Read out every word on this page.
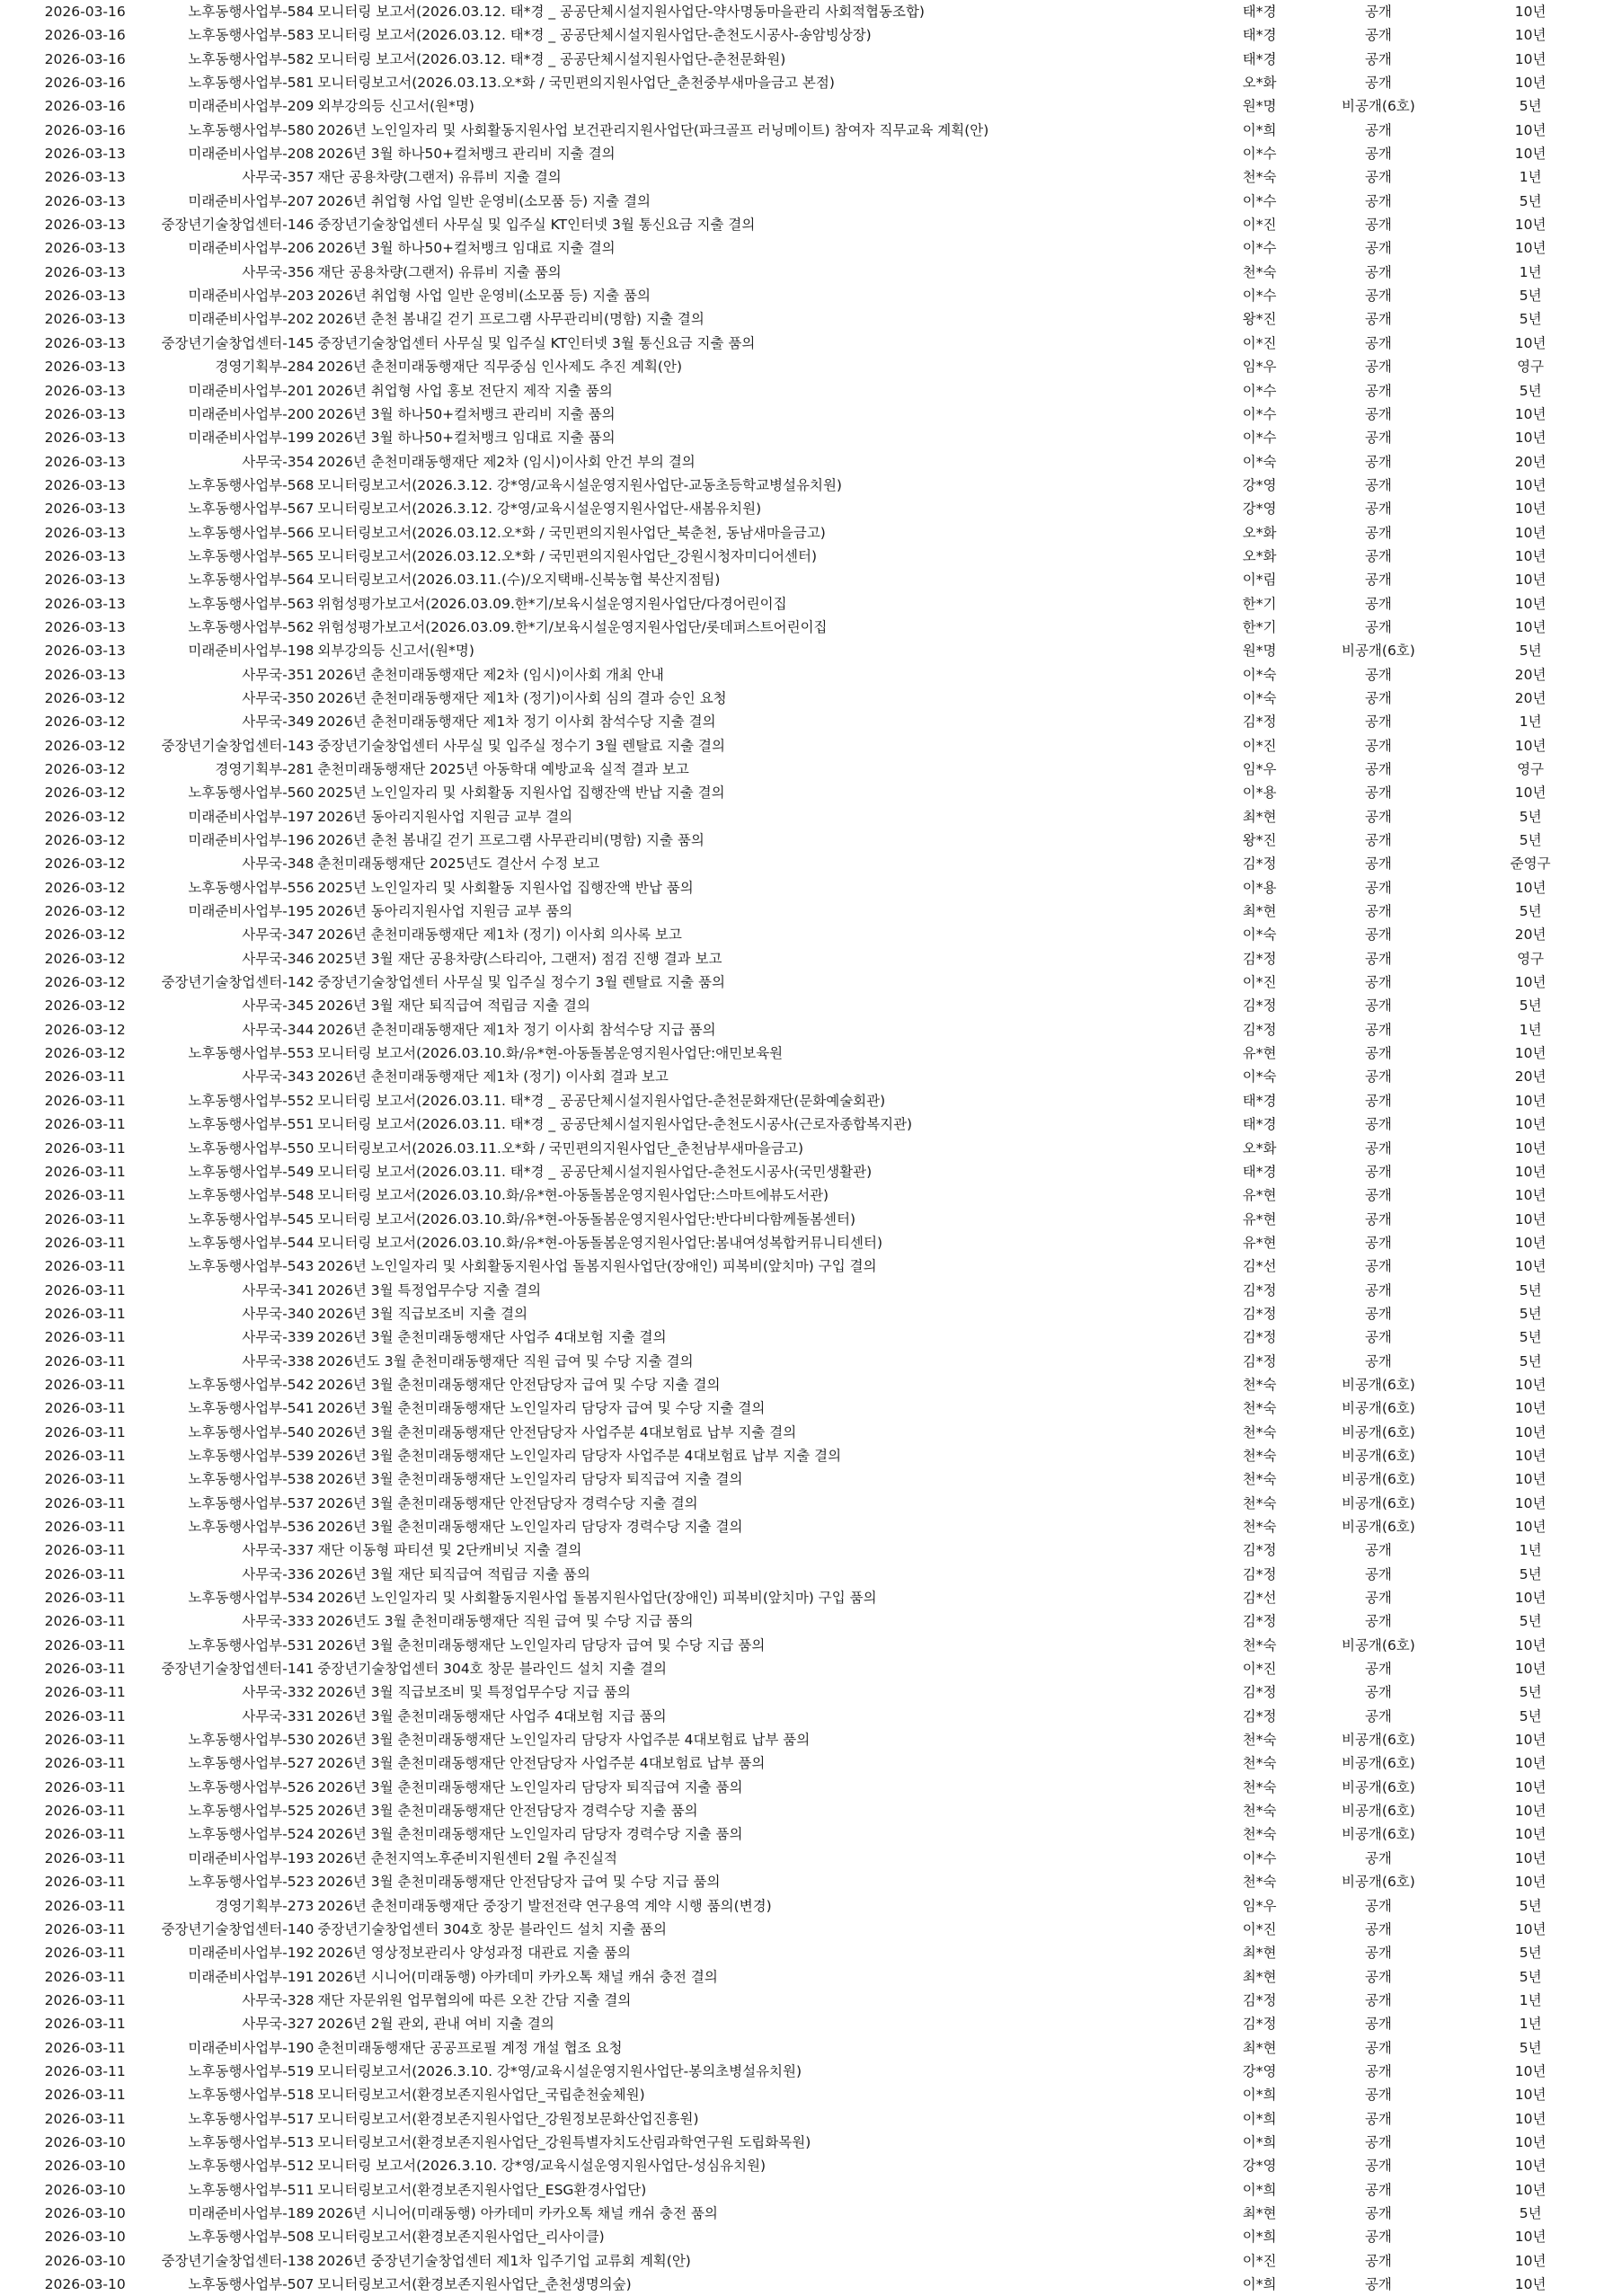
2026-03-16	노후동행사업부-584 모니터링 보고서(2026.03.12. 태*경 _ 공공단체시설지원사업단-약사명동마을관리 사회적협동조합)	태*경	공개	10년
2026-03-16	노후동행사업부-583 모니터링 보고서(2026.03.12. 태*경 _ 공공단체시설지원사업단-춘천도시공사-송암빙상장)	태*경	공개	10년
2026-03-16	노후동행사업부-582 모니터링 보고서(2026.03.12. 태*경 _ 공공단체시설지원사업단-춘천문화원)	태*경	공개	10년
2026-03-16	노후동행사업부-581 모니터링보고서(2026.03.13.오*화 / 국민편의지원사업단_춘천중부새마을금고 본점)	오*화	공개	10년
2026-03-16	미래준비사업부-209 외부강의등 신고서(원*명)	원*명	비공개(6호)	5년
2026-03-16	노후동행사업부-580 2026년 노인일자리 및 사회활동지원사업 보건관리지원사업단(파크골프 러닝메이트) 참여자 직무교육 계획(안)	이*희	공개	10년
2026-03-13	미래준비사업부-208 2026년 3월 하나50+컬처뱅크 관리비 지출 결의	이*수	공개	10년
2026-03-13	사무국-357 재단 공용차량(그랜저) 유류비 지출 결의	천*숙	공개	1년
2026-03-13	미래준비사업부-207 2026년 취업형 사업 일반 운영비(소모품 등) 지출 결의	이*수	공개	5년
2026-03-13	중장년기술창업센터-146 중장년기술창업센터 사무실 및 입주실 KT인터넷 3월 통신요금 지출 결의	이*진	공개	10년
2026-03-13	미래준비사업부-206 2026년 3월 하나50+컬처뱅크 임대료 지출 결의	이*수	공개	10년
2026-03-13	사무국-356 재단 공용차량(그랜저) 유류비 지출 품의	천*숙	공개	1년
2026-03-13	미래준비사업부-203 2026년 취업형 사업 일반 운영비(소모품 등) 지출 품의	이*수	공개	5년
2026-03-13	미래준비사업부-202 2026년 춘천 봄내길 걷기 프로그램 사무관리비(명함) 지출 결의	왕*진	공개	5년
2026-03-13	중장년기술창업센터-145 중장년기술창업센터 사무실 및 입주실 KT인터넷 3월 통신요금 지출 품의	이*진	공개	10년
2026-03-13	경영기획부-284 2026년 춘천미래동행재단 직무중심 인사제도 추진 계획(안)	임*우	공개	영구
2026-03-13	미래준비사업부-201 2026년 취업형 사업 홍보 전단지 제작 지출 품의	이*수	공개	5년
2026-03-13	미래준비사업부-200 2026년 3월 하나50+컬처뱅크 관리비 지출 품의	이*수	공개	10년
2026-03-13	미래준비사업부-199 2026년 3월 하나50+컬처뱅크 임대료 지출 품의	이*수	공개	10년
2026-03-13	사무국-354 2026년 춘천미래동행재단 제2차 (임시)이사회 안건 부의 결의	이*숙	공개	20년
2026-03-13	노후동행사업부-568 모니터링보고서(2026.3.12. 강*영/교육시설운영지원사업단-교동초등학교병설유치원)	강*영	공개	10년
2026-03-13	노후동행사업부-567 모니터링보고서(2026.3.12. 강*영/교육시설운영지원사업단-새봄유치원)	강*영	공개	10년
2026-03-13	노후동행사업부-566 모니터링보고서(2026.03.12.오*화 / 국민편의지원사업단_북춘천, 동남새마을금고)	오*화	공개	10년
2026-03-13	노후동행사업부-565 모니터링보고서(2026.03.12.오*화 / 국민편의지원사업단_강원시청자미디어센터)	오*화	공개	10년
2026-03-13	노후동행사업부-564 모니터링보고서(2026.03.11.(수)/오지택배-신북농협 북산지점팀)	이*림	공개	10년
2026-03-13	노후동행사업부-563 위험성평가보고서(2026.03.09.한*기/보육시설운영지원사업단/다경어린이집	한*기	공개	10년
2026-03-13	노후동행사업부-562 위험성평가보고서(2026.03.09.한*기/보육시설운영지원사업단/롯데퍼스트어린이집	한*기	공개	10년
2026-03-13	미래준비사업부-198 외부강의등 신고서(원*명)	원*명	비공개(6호)	5년
2026-03-13	사무국-351 2026년 춘천미래동행재단 제2차 (임시)이사회 개최 안내	이*숙	공개	20년
2026-03-12	사무국-350 2026년 춘천미래동행재단 제1차 (정기)이사회 심의 결과 승인 요청	이*숙	공개	20년
2026-03-12	사무국-349 2026년 춘천미래동행재단 제1차 정기 이사회 참석수당 지출 결의	김*정	공개	1년
2026-03-12	중장년기술창업센터-143 중장년기술창업센터 사무실 및 입주실 정수기 3월 렌탈료 지출 결의	이*진	공개	10년
2026-03-12	경영기획부-281 춘천미래동행재단 2025년 아동학대 예방교육 실적 결과 보고	임*우	공개	영구
2026-03-12	노후동행사업부-560 2025년 노인일자리 및 사회활동 지원사업 집행잔액 반납 지출 결의	이*용	공개	10년
2026-03-12	미래준비사업부-197 2026년 동아리지원사업 지원금 교부 결의	최*현	공개	5년
2026-03-12	미래준비사업부-196 2026년 춘천 봄내길 걷기 프로그램 사무관리비(명함) 지출 품의	왕*진	공개	5년
2026-03-12	사무국-348 춘천미래동행재단 2025년도 결산서 수정 보고	김*정	공개	준영구
2026-03-12	노후동행사업부-556 2025년 노인일자리 및 사회활동 지원사업 집행잔액 반납 품의	이*용	공개	10년
2026-03-12	미래준비사업부-195 2026년 동아리지원사업 지원금 교부 품의	최*현	공개	5년
2026-03-12	사무국-347 2026년 춘천미래동행재단 제1차 (정기) 이사회 의사록 보고	이*숙	공개	20년
2026-03-12	사무국-346 2025년 3월 재단 공용차량(스타리아, 그랜저) 점검 진행 결과 보고	김*정	공개	영구
2026-03-12	중장년기술창업센터-142 중장년기술창업센터 사무실 및 입주실 정수기 3월 렌탈료 지출 품의	이*진	공개	10년
2026-03-12	사무국-345 2026년 3월 재단 퇴직급여 적립금 지출 결의	김*정	공개	5년
2026-03-12	사무국-344 2026년 춘천미래동행재단 제1차 정기 이사회 참석수당 지급 품의	김*정	공개	1년
2026-03-12	노후동행사업부-553 모니터링 보고서(2026.03.10.화/유*현-아동돌봄운영지원사업단:애민보육원	유*현	공개	10년
2026-03-11	사무국-343 2026년 춘천미래동행재단 제1차 (정기) 이사회 결과 보고	이*숙	공개	20년
2026-03-11	노후동행사업부-552 모니터링 보고서(2026.03.11. 태*경 _ 공공단체시설지원사업단-춘천문화재단(문화예술회관)	태*경	공개	10년
2026-03-11	노후동행사업부-551 모니터링 보고서(2026.03.11. 태*경 _ 공공단체시설지원사업단-춘천도시공사(근로자종합복지관)	태*경	공개	10년
2026-03-11	노후동행사업부-550 모니터링보고서(2026.03.11.오*화 / 국민편의지원사업단_춘천남부새마을금고)	오*화	공개	10년
2026-03-11	노후동행사업부-549 모니터링 보고서(2026.03.11. 태*경 _ 공공단체시설지원사업단-춘천도시공사(국민생활관)	태*경	공개	10년
2026-03-11	노후동행사업부-548 모니터링 보고서(2026.03.10.화/유*현-아동돌봄운영지원사업단:스마트에뷰도서관)	유*현	공개	10년
2026-03-11	노후동행사업부-545 모니터링 보고서(2026.03.10.화/유*현-아동돌봄운영지원사업단:반다비다함께돌봄센터)	유*현	공개	10년
2026-03-11	노후동행사업부-544 모니터링 보고서(2026.03.10.화/유*현-아동돌봄운영지원사업단:봄내여성복합커뮤니티센터)	유*현	공개	10년
2026-03-11	노후동행사업부-543 2026년 노인일자리 및 사회활동지원사업 돌봄지원사업단(장애인) 피복비(앞치마) 구입 결의	김*선	공개	10년
2026-03-11	사무국-341 2026년 3월 특정업무수당 지출 결의	김*정	공개	5년
2026-03-11	사무국-340 2026년 3월 직급보조비 지출 결의	김*정	공개	5년
2026-03-11	사무국-339 2026년 3월 춘천미래동행재단 사업주 4대보험 지출 결의	김*정	공개	5년
2026-03-11	사무국-338 2026년도 3월 춘천미래동행재단 직원 급여 및 수당 지출 결의	김*정	공개	5년
2026-03-11	노후동행사업부-542 2026년 3월 춘천미래동행재단 안전담당자 급여 및 수당 지출 결의	천*숙	비공개(6호)	10년
2026-03-11	노후동행사업부-541 2026년 3월 춘천미래동행재단 노인일자리 담당자 급여 및 수당 지출 결의	천*숙	비공개(6호)	10년
2026-03-11	노후동행사업부-540 2026년 3월 춘천미래동행재단 안전담당자 사업주분 4대보험료 납부 지출 결의	천*숙	비공개(6호)	10년
2026-03-11	노후동행사업부-539 2026년 3월 춘천미래동행재단 노인일자리 담당자 사업주분 4대보험료 납부 지출 결의	천*숙	비공개(6호)	10년
2026-03-11	노후동행사업부-538 2026년 3월 춘천미래동행재단 노인일자리 담당자 퇴직급여 지출 결의	천*숙	비공개(6호)	10년
2026-03-11	노후동행사업부-537 2026년 3월 춘천미래동행재단 안전담당자 경력수당 지출 결의	천*숙	비공개(6호)	10년
2026-03-11	노후동행사업부-536 2026년 3월 춘천미래동행재단 노인일자리 담당자 경력수당 지출 결의	천*숙	비공개(6호)	10년
2026-03-11	사무국-337 재단 이동형 파티션 및 2단캐비닛 지출 결의	김*정	공개	1년
2026-03-11	사무국-336 2026년 3월 재단 퇴직급여 적립금 지출 품의	김*정	공개	5년
2026-03-11	노후동행사업부-534 2026년 노인일자리 및 사회활동지원사업 돌봄지원사업단(장애인) 피복비(앞치마) 구입 품의	김*선	공개	10년
2026-03-11	사무국-333 2026년도 3월 춘천미래동행재단 직원 급여 및 수당 지급 품의	김*정	공개	5년
2026-03-11	노후동행사업부-531 2026년 3월 춘천미래동행재단 노인일자리 담당자 급여 및 수당 지급 품의	천*숙	비공개(6호)	10년
2026-03-11	중장년기술창업센터-141 중장년기술창업센터 304호 창문 블라인드 설치 지출 결의	이*진	공개	10년
2026-03-11	사무국-332 2026년 3월 직급보조비 및 특정업무수당 지급 품의	김*정	공개	5년
2026-03-11	사무국-331 2026년 3월 춘천미래동행재단 사업주 4대보험 지급 품의	김*정	공개	5년
2026-03-11	노후동행사업부-530 2026년 3월 춘천미래동행재단 노인일자리 담당자 사업주분 4대보험료 납부 품의	천*숙	비공개(6호)	10년
2026-03-11	노후동행사업부-527 2026년 3월 춘천미래동행재단 안전담당자 사업주분 4대보험료 납부 품의	천*숙	비공개(6호)	10년
2026-03-11	노후동행사업부-526 2026년 3월 춘천미래동행재단 노인일자리 담당자 퇴직급여 지출 품의	천*숙	비공개(6호)	10년
2026-03-11	노후동행사업부-525 2026년 3월 춘천미래동행재단 안전담당자 경력수당 지출 품의	천*숙	비공개(6호)	10년
2026-03-11	노후동행사업부-524 2026년 3월 춘천미래동행재단 노인일자리 담당자 경력수당 지출 품의	천*숙	비공개(6호)	10년
2026-03-11	미래준비사업부-193 2026년 춘천지역노후준비지원센터 2월 추진실적	이*수	공개	10년
2026-03-11	노후동행사업부-523 2026년 3월 춘천미래동행재단 안전담당자 급여 및 수당 지급 품의	천*숙	비공개(6호)	10년
2026-03-11	경영기획부-273 2026년 춘천미래동행재단 중장기 발전전략 연구용역 계약 시행 품의(변경)	임*우	공개	5년
2026-03-11	중장년기술창업센터-140 중장년기술창업센터 304호 창문 블라인드 설치 지출 품의	이*진	공개	10년
2026-03-11	미래준비사업부-192 2026년 영상정보관리사 양성과정 대관료 지출 품의	최*현	공개	5년
2026-03-11	미래준비사업부-191 2026년 시니어(미래동행) 아카데미 카카오톡 채널 캐쉬 충전 결의	최*현	공개	5년
2026-03-11	사무국-328 재단 자문위원 업무협의에 따른 오찬 간담 지출 결의	김*정	공개	1년
2026-03-11	사무국-327 2026년 2월 관외, 관내 여비 지출 결의	김*정	공개	1년
2026-03-11	미래준비사업부-190 춘천미래동행재단 공공프로필 계정 개설 협조 요청	최*현	공개	5년
2026-03-11	노후동행사업부-519 모니터링보고서(2026.3.10. 강*영/교육시설운영지원사업단-봉의초병설유치원)	강*영	공개	10년
2026-03-11	노후동행사업부-518 모니터링보고서(환경보존지원사업단_국립춘천숲체원)	이*희	공개	10년
2026-03-11	노후동행사업부-517 모니터링보고서(환경보존지원사업단_강원정보문화산업진흥원)	이*희	공개	10년
2026-03-10	노후동행사업부-513 모니터링보고서(환경보존지원사업단_강원특별자치도산림과학연구원 도립화목원)	이*희	공개	10년
2026-03-10	노후동행사업부-512 모니터링 보고서(2026.3.10. 강*영/교육시설운영지원사업단-성심유치원)	강*영	공개	10년
2026-03-10	노후동행사업부-511 모니터링보고서(환경보존지원사업단_ESG환경사업단)	이*희	공개	10년
2026-03-10	미래준비사업부-189 2026년 시니어(미래동행) 아카데미 카카오톡 채널 캐쉬 충전 품의	최*현	공개	5년
2026-03-10	노후동행사업부-508 모니터링보고서(환경보존지원사업단_리사이클)	이*희	공개	10년
2026-03-10	중장년기술창업센터-138 2026년 중장년기술창업센터 제1차 입주기업 교류회 계획(안)	이*진	공개	10년
2026-03-10	노후동행사업부-507 모니터링보고서(환경보존지원사업단_춘천생명의숲)	이*희	공개	10년
